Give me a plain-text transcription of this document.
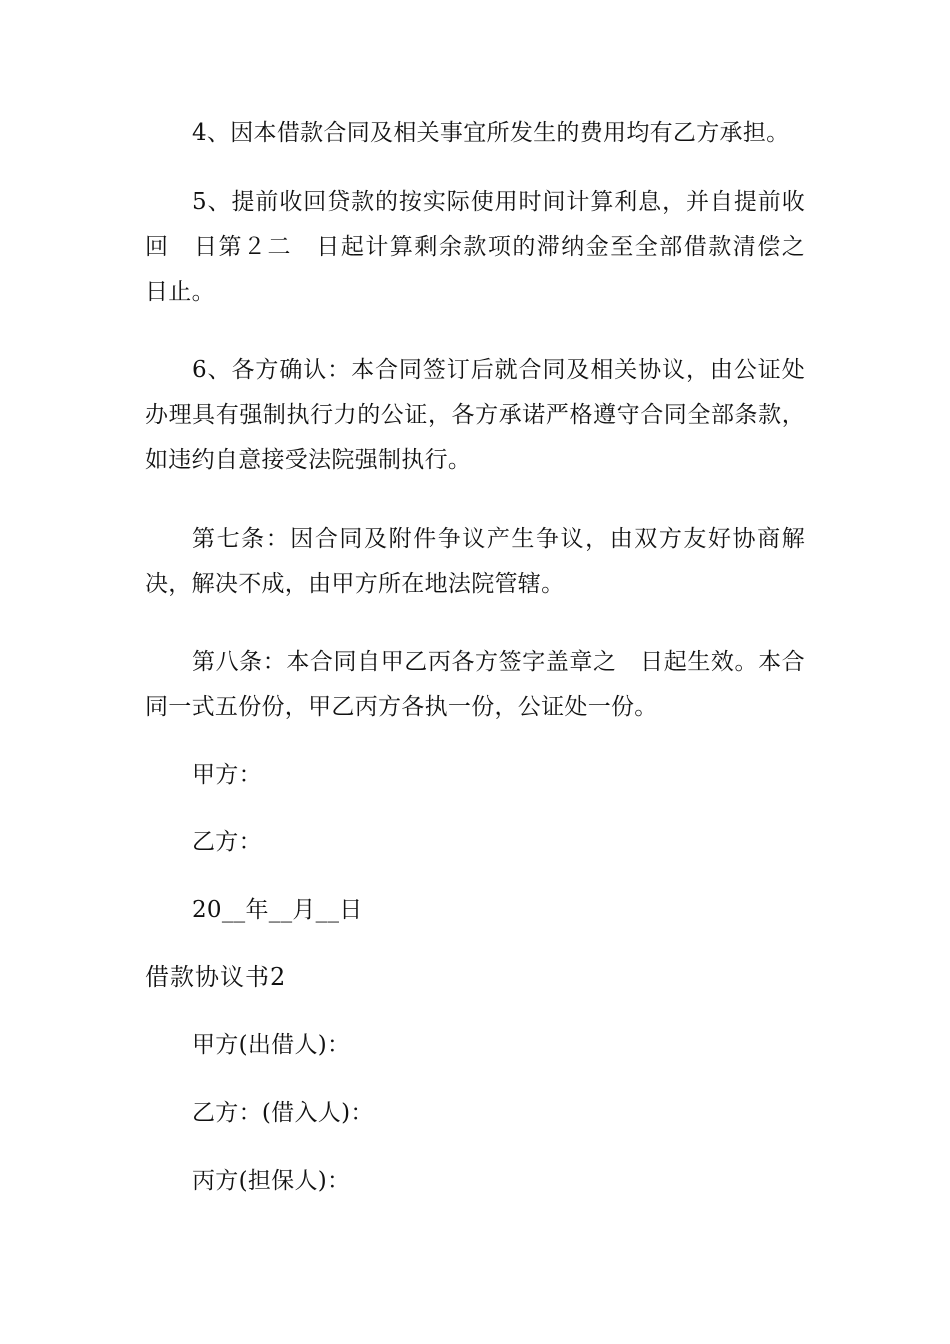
4、因本借款合同及相关事宜所发生的费用均有乙方承担。

5、提前收回贷款的按实际使用时间计算利息，并自提前收回　日第２二　日起计算剩余款项的滞纳金至全部借款清偿之　日止。

6、各方确认：本合同签订后就合同及相关协议，由公证处办理具有强制执行力的公证，各方承诺严格遵守合同全部条款，如违约自意接受法院强制执行。

第七条：因合同及附件争议产生争议，由双方友好协商解决，解决不成，由甲方所在地法院管辖。

第八条：本合同自甲乙丙各方签字盖章之　日起生效。本合同一式五份份，甲乙丙方各执一份，公证处一份。

甲方：

乙方：

20__年__月__日

借款协议书2

甲方(出借人)：

乙方：(借入人)：

丙方(担保人)：
